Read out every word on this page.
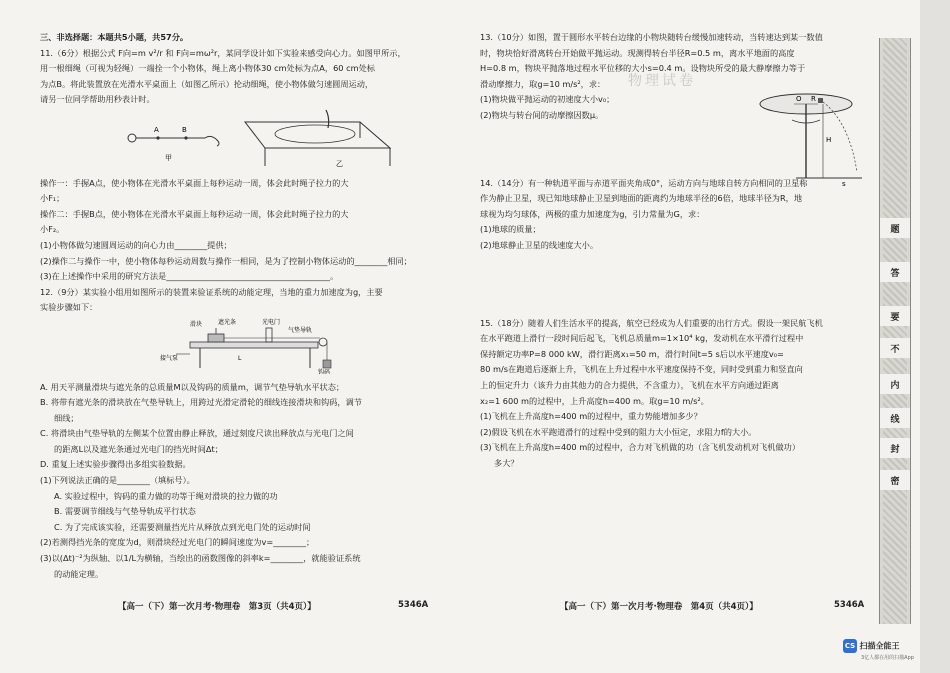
三、非选择题：本题共5小题，共57分。

11.（6分）根据公式 F向=m v²/r 和 F向=mω²r，某同学设计如下实验来感受向心力。如图甲所示，

用一根细绳（可视为轻绳）一端拴一个小物体，绳上离小物体30 cm处标为点A，60 cm处标

为点B。将此装置放在光滑水平桌面上（如图乙所示）抡动细绳，使小物体做匀速圆周运动，

请另一位同学帮助用秒表计时。

A	B
甲
乙

操作一：手握A点，使小物体在光滑水平桌面上每秒运动一周，体会此时绳子拉力的大

小F₁；

操作二：手握B点，使小物体在光滑水平桌面上每秒运动一周，体会此时绳子拉力的大

小F₂。

(1)小物体做匀速圆周运动的向心力由________提供；

(2)操作二与操作一中，使小物体每秒运动周数与操作一相同，是为了控制小物体运动的________相同；

(3)在上述操作中采用的研究方法是________________________________________。

12.（9分）某实验小组用如图所示的装置来验证系统的动能定理，当地的重力加速度为g，主要

实验步骤如下：

滑块	遮光条	光电门
气垫导轨
接气泵
钩码
L

A. 用天平测量滑块与遮光条的总质量M以及钩码的质量m，调节气垫导轨水平状态；

B. 将带有遮光条的滑块放在气垫导轨上，用跨过光滑定滑轮的细线连接滑块和钩码，调节

细线；

C. 将滑块由气垫导轨的左侧某个位置由静止释放，通过刻度尺读出释放点与光电门之间

的距离L以及遮光条通过光电门的挡光时间Δt；

D. 重复上述实验步骤得出多组实验数据。

(1)下列说法正确的是________（填标号）。

A. 实验过程中，钩码的重力做的功等于绳对滑块的拉力做的功

B. 需要调节细线与气垫导轨成平行状态

C. 为了完成该实验，还需要测量挡光片从释放点到光电门处的运动时间

(2)若测得挡光条的宽度为d，则滑块经过光电门的瞬间速度为v=________；

(3)以(Δt)⁻²为纵轴、以1/L为横轴，当绘出的函数图像的斜率k=________，就能验证系统

的动能定理。

【高一（下）第一次月考·物理卷　第3页（共4页）】	5346A

13.（10分）如图，置于圆形水平转台边缘的小物块随转台缓慢加速转动，当转速达到某一数值

时，物块恰好滑离转台开始做平抛运动。现测得转台半径R=0.5 m，离水平地面的高度

H=0.8 m，物块平抛落地过程水平位移的大小s=0.4 m。设物块所受的最大静摩擦力等于

滑动摩擦力，取g=10 m/s²，求：

(1)物块做平抛运动的初速度大小v₀；

(2)物块与转台间的动摩擦因数μ。

物理试卷
O R
H
s

14.（14分）有一种轨道平面与赤道平面夹角成0°，运动方向与地球自转方向相同的卫星称

作为静止卫星，现已知地球静止卫星到地面的距离约为地球半径的6倍，地球半径为R，地

球视为均匀球体，两极的重力加速度为g，引力常量为G，求：

(1)地球的质量；

(2)地球静止卫星的线速度大小。

15.（18分）随着人们生活水平的提高，航空已经成为人们重要的出行方式。假设一架民航飞机

在水平跑道上滑行一段时间后起飞，飞机总质量m=1×10⁴ kg，发动机在水平滑行过程中

保持额定功率P=8 000 kW，滑行距离x₁=50 m，滑行时间t=5 s后以水平速度v₀=

80 m/s在跑道后逐渐上升，飞机在上升过程中水平速度保持不变，同时受到重力和竖直向

上的恒定升力（该升力由其他力的合力提供，不含重力），飞机在水平方向通过距离

x₂=1 600 m的过程中，上升高度h=400 m。取g=10 m/s²。

(1)飞机在上升高度h=400 m的过程中，重力势能增加多少？

(2)假设飞机在水平跑道滑行的过程中受到的阻力大小恒定，求阻力f的大小。

(3)飞机在上升高度h=400 m的过程中，合力对飞机做的功（含飞机发动机对飞机做功）

多大？

【高一（下）第一次月考·物理卷　第4页（共4页）】	5346A
题
答
要
不
内
线
封
密
CS 扫描全能王
3亿人都在用的扫描App
